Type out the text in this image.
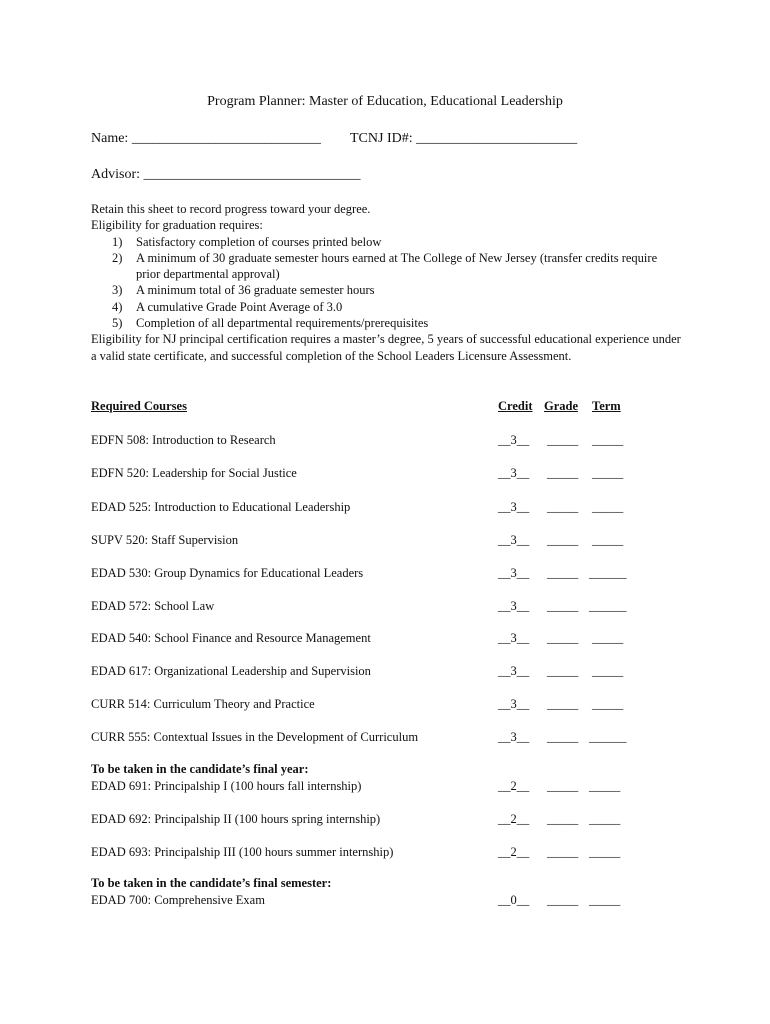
Program Planner: Master of Education, Educational Leadership
Name: ___________________________ TCNJ ID#: _______________________
Advisor: _______________________________

Retain this sheet to record progress toward your degree.

Eligibility for graduation requires:

1) Satisfactory completion of courses printed below
2) A minimum of 30 graduate semester hours earned at The College of New Jersey (transfer credits require prior departmental approval)
3) A minimum total of 36 graduate semester hours
4) A cumulative Grade Point Average of 3.0
5) Completion of all departmental requirements/prerequisites

Eligibility for NJ principal certification requires a master’s degree, 5 years of successful educational experience under a valid state certificate, and successful completion of the School Leaders Licensure Assessment.

Required Courses	Credit Grade Term
To be taken in the candidate’s final year:
To be taken in the candidate’s final semester:
EDFN 508: Introduction to Research	__3__ _____ _____
EDFN 520: Leadership for Social Justice	__3__ _____ _____
EDAD 525: Introduction to Educational Leadership	__3__ _____ _____
SUPV 520: Staff Supervision	__3__ _____ _____
EDAD 530: Group Dynamics for Educational Leaders	__3__ _____ ______
EDAD 572: School Law	__3__ _____ ______
EDAD 540: School Finance and Resource Management	__3__ _____ _____
EDAD 617: Organizational Leadership and Supervision	__3__ _____ _____
CURR 514: Curriculum Theory and Practice	__3__ _____ _____
CURR 555: Contextual Issues in the Development of Curriculum	__3__ _____ ______
EDAD 691: Principalship I (100 hours fall internship)	__2__ _____ _____
EDAD 692: Principalship II (100 hours spring internship)	__2__ _____ _____
EDAD 693: Principalship III (100 hours summer internship)	__2__ _____ _____
EDAD 700: Comprehensive Exam	__0__ _____ _____
